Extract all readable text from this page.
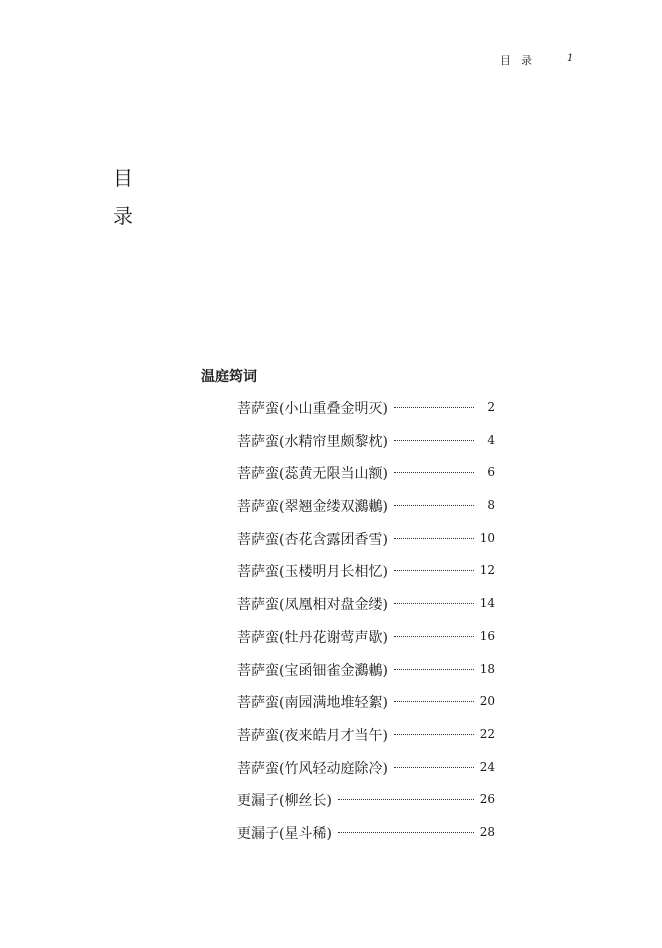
目录	1
目
录
温庭筠词
菩萨蛮(小山重叠金明灭)	2
菩萨蛮(水精帘里颇黎枕)	4
菩萨蛮(蕊黄无限当山额)	6
菩萨蛮(翠翘金缕双鸂鶒)	8
菩萨蛮(杏花含露团香雪)	10
菩萨蛮(玉楼明月长相忆)	12
菩萨蛮(凤凰相对盘金缕)	14
菩萨蛮(牡丹花谢莺声歇)	16
菩萨蛮(宝函钿雀金鸂鶒)	18
菩萨蛮(南园满地堆轻絮)	20
菩萨蛮(夜来皓月才当午)	22
菩萨蛮(竹风轻动庭除冷)	24
更漏子(柳丝长)	26
更漏子(星斗稀)	28
